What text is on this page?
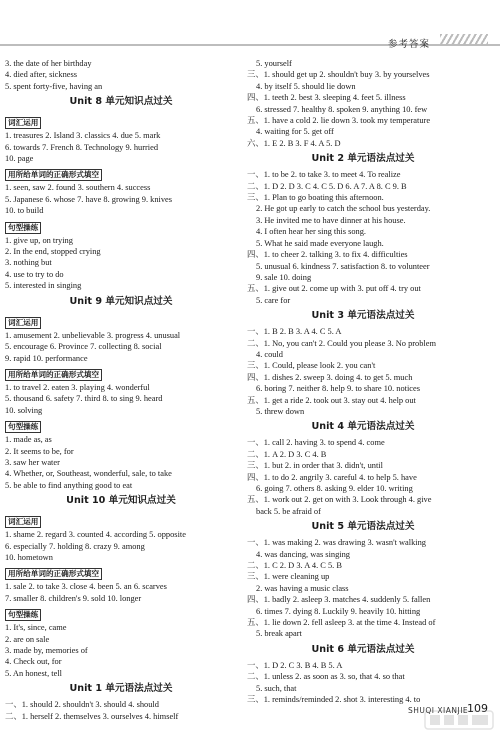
参考答案
3. the date of her birthday
4. died after, sickness
5. spent forty-five, having an
Unit 8 单元知识点过关
词汇运用
1. treasures 2. Island 3. classics 4. due 5. mark
6. towards 7. French 8. Technology 9. hurried
10. page
用所给单词的正确形式填空
1. seen, saw 2. found 3. southern 4. success
5. Japanese 6. whose 7. have 8. growing 9. knives
10. to build
句型操练
1. give up, on trying
2. In the end, stopped crying
3. nothing but
4. use to try to do
5. interested in singing
Unit 9 单元知识点过关
词汇运用
1. amusement 2. unbelievable 3. progress 4. unusual
5. encourage 6. Province 7. collecting 8. social
9. rapid 10. performance
用所给单词的正确形式填空
1. to travel 2. eaten 3. playing 4. wonderful
5. thousand 6. safety 7. third 8. to sing 9. heard
10. solving
句型操练
1. made as, as
2. It seems to be, for
3. saw her water
4. Whether, or, Southeast, wonderful, sale, to take
5. be able to find anything good to eat
Unit 10 单元知识点过关
词汇运用
1. shame 2. regard 3. counted 4. according 5. opposite
6. especially 7. holding 8. crazy 9. among
10. hometown
用所给单词的正确形式填空
1. sale 2. to take 3. close 4. been 5. an 6. scarves
7. smaller 8. children's 9. sold 10. longer
句型操练
1. It's, since, came
2. are on sale
3. made by, memories of
4. Check out, for
5. An honest, tell
Unit 1 单元语法点过关
一、1. should 2. shouldn't 3. should 4. should
二、1. herself 2. themselves 3. ourselves 4. himself
5. yourself
三、1. should get up 2. shouldn't buy 3. by yourselves
4. by itself 5. should lie down
四、1. teeth 2. best 3. sleeping 4. feet 5. illness
6. stressed 7. healthy 8. spoken 9. anything 10. few
五、1. have a cold 2. lie down 3. took my temperature
4. waiting for 5. get off
六、1. E 2. B 3. F 4. A 5. D
Unit 2 单元语法点过关
一、1. to be 2. to take 3. to meet 4. To realize
二、1. D 2. D 3. C 4. C 5. D 6. A 7. A 8. C 9. B
三、1. Plan to go boating this afternoon.
2. He got up early to catch the school bus yesterday.
3. He invited me to have dinner at his house.
4. I often hear her sing this song.
5. What he said made everyone laugh.
四、1. to cheer 2. talking 3. to fix 4. difficulties
5. unusual 6. kindness 7. satisfaction 8. to volunteer
9. sale 10. doing
五、1. give out 2. come up with 3. put off 4. try out
5. care for
Unit 3 单元语法点过关
一、1. B 2. B 3. A 4. C 5. A
二、1. No, you can't 2. Could you please 3. No problem
4. could
三、1. Could, please look 2. you can't
四、1. dishes 2. sweep 3. doing 4. to get 5. much
6. boring 7. neither 8. help 9. to share 10. notices
五、1. get a ride 2. took out 3. stay out 4. help out
5. threw down
Unit 4 单元语法点过关
一、1. call 2. having 3. to spend 4. come
二、1. A 2. D 3. C 4. B
三、1. but 2. in order that 3. didn't, until
四、1. to do 2. angrily 3. careful 4. to help 5. have
6. going 7. others 8. asking 9. elder 10. writing
五、1. work out 2. get on with 3. Look through 4. give
back 5. be afraid of
Unit 5 单元语法点过关
一、1. was making 2. was drawing 3. wasn't walking
4. was dancing, was singing
二、1. C 2. D 3. A 4. C 5. B
三、1. were cleaning up
2. was having a music class
四、1. badly 2. asleep 3. matches 4. suddenly 5. fallen
6. times 7. dying 8. Luckily 9. heavily 10. hitting
五、1. lie down 2. fell asleep 3. at the time 4. Instead of
5. break apart
Unit 6 单元语法点过关
一、1. D 2. C 3. B 4. B 5. A
二、1. unless 2. as soon as 3. so, that 4. so that
5. such, that
三、1. reminds/reminded 2. shot 3. interesting 4. to
SHUQI XIANJIE
109
